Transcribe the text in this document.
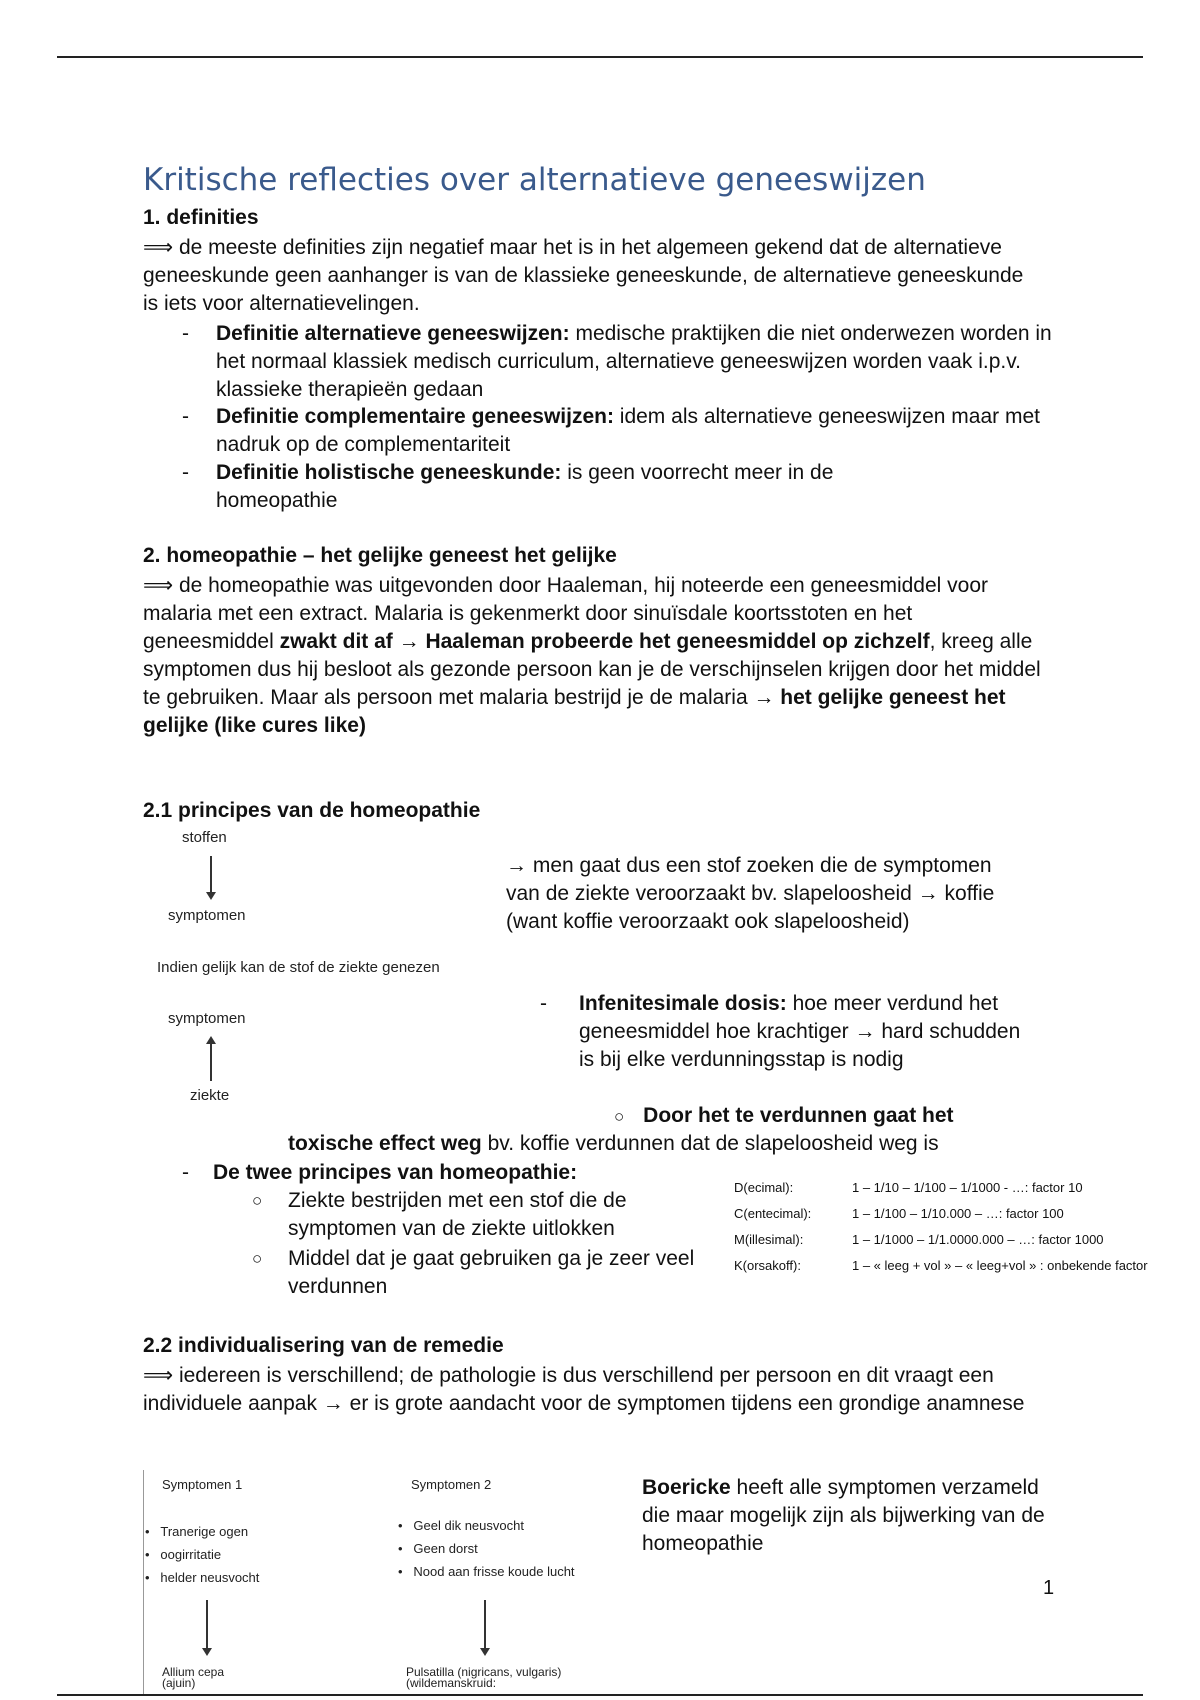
Kritische reflecties over alternatieve geneeswijzen
1. definities
⟹ de meeste definities zijn negatief maar het is in het algemeen gekend dat de alternatieve geneeskunde geen aanhanger is van de klassieke geneeskunde, de alternatieve geneeskunde is iets voor alternatievelingen.
- Definitie alternatieve geneeswijzen: medische praktijken die niet onderwezen worden in het normaal klassiek medisch curriculum, alternatieve geneeswijzen worden vaak i.p.v. klassieke therapieën gedaan
- Definitie complementaire geneeswijzen: idem als alternatieve geneeswijzen maar met nadruk op de complementariteit
- Definitie holistische geneeskunde: is geen voorrecht meer in de homeopathie
2. homeopathie – het gelijke geneest het gelijke
⟹ de homeopathie was uitgevonden door Haaleman, hij noteerde een geneesmiddel voor malaria met een extract. Malaria is gekenmerkt door sinuïsdale koortsstoten en het geneesmiddel zwakt dit af → Haaleman probeerde het geneesmiddel op zichzelf, kreeg alle symptomen dus hij besloot als gezonde persoon kan je de verschijnselen krijgen door het middel te gebruiken. Maar als persoon met malaria bestrijd je de malaria → het gelijke geneest het gelijke (like cures like)
2.1 principes van de homeopathie
stoffen
symptomen
Indien gelijk kan de stof de ziekte genezen
symptomen
ziekte
→ men gaat dus een stof zoeken die de symptomen van de ziekte veroorzaakt bv. slapeloosheid → koffie (want koffie veroorzaakt ook slapeloosheid)
- Infenitesimale dosis: hoe meer verdund het geneesmiddel hoe krachtiger → hard schudden is bij elke verdunningsstap is nodig
○    Door het te verdunnen gaat het
toxische effect weg bv. koffie verdunnen dat de slapeloosheid weg is
- De twee principes van homeopathie:
○ Ziekte bestrijden met een stof die de symptomen van de ziekte uitlokken
○ Middel dat je gaat gebruiken ga je zeer veel verdunnen
D(ecimal):	1 – 1/10 – 1/100 – 1/1000 - …: factor 10
C(entecimal):	1 – 1/100 – 1/10.000 – …: factor 100
M(illesimal):	1 – 1/1000 – 1/1.0000.000 – …: factor 1000
K(orsakoff):	1 – « leeg + vol » – « leeg+vol » : onbekende factor
2.2 individualisering van de remedie
⟹ iedereen is verschillend; de pathologie is dus verschillend per persoon en dit vraagt een individuele aanpak → er is grote aandacht voor de symptomen tijdens een grondige anamnese
Symptomen 1
•   Tranerige ogen
•   oogirritatie
•   helder neusvocht
Allium cepa (ajuin)
Symptomen 2
•   Geel dik neusvocht
•   Geen dorst
•   Nood aan frisse koude lucht
Pulsatilla (nigricans, vulgaris) (wildemanskruid:
Boericke heeft alle symptomen verzameld die maar mogelijk zijn als bijwerking van de homeopathie
1
